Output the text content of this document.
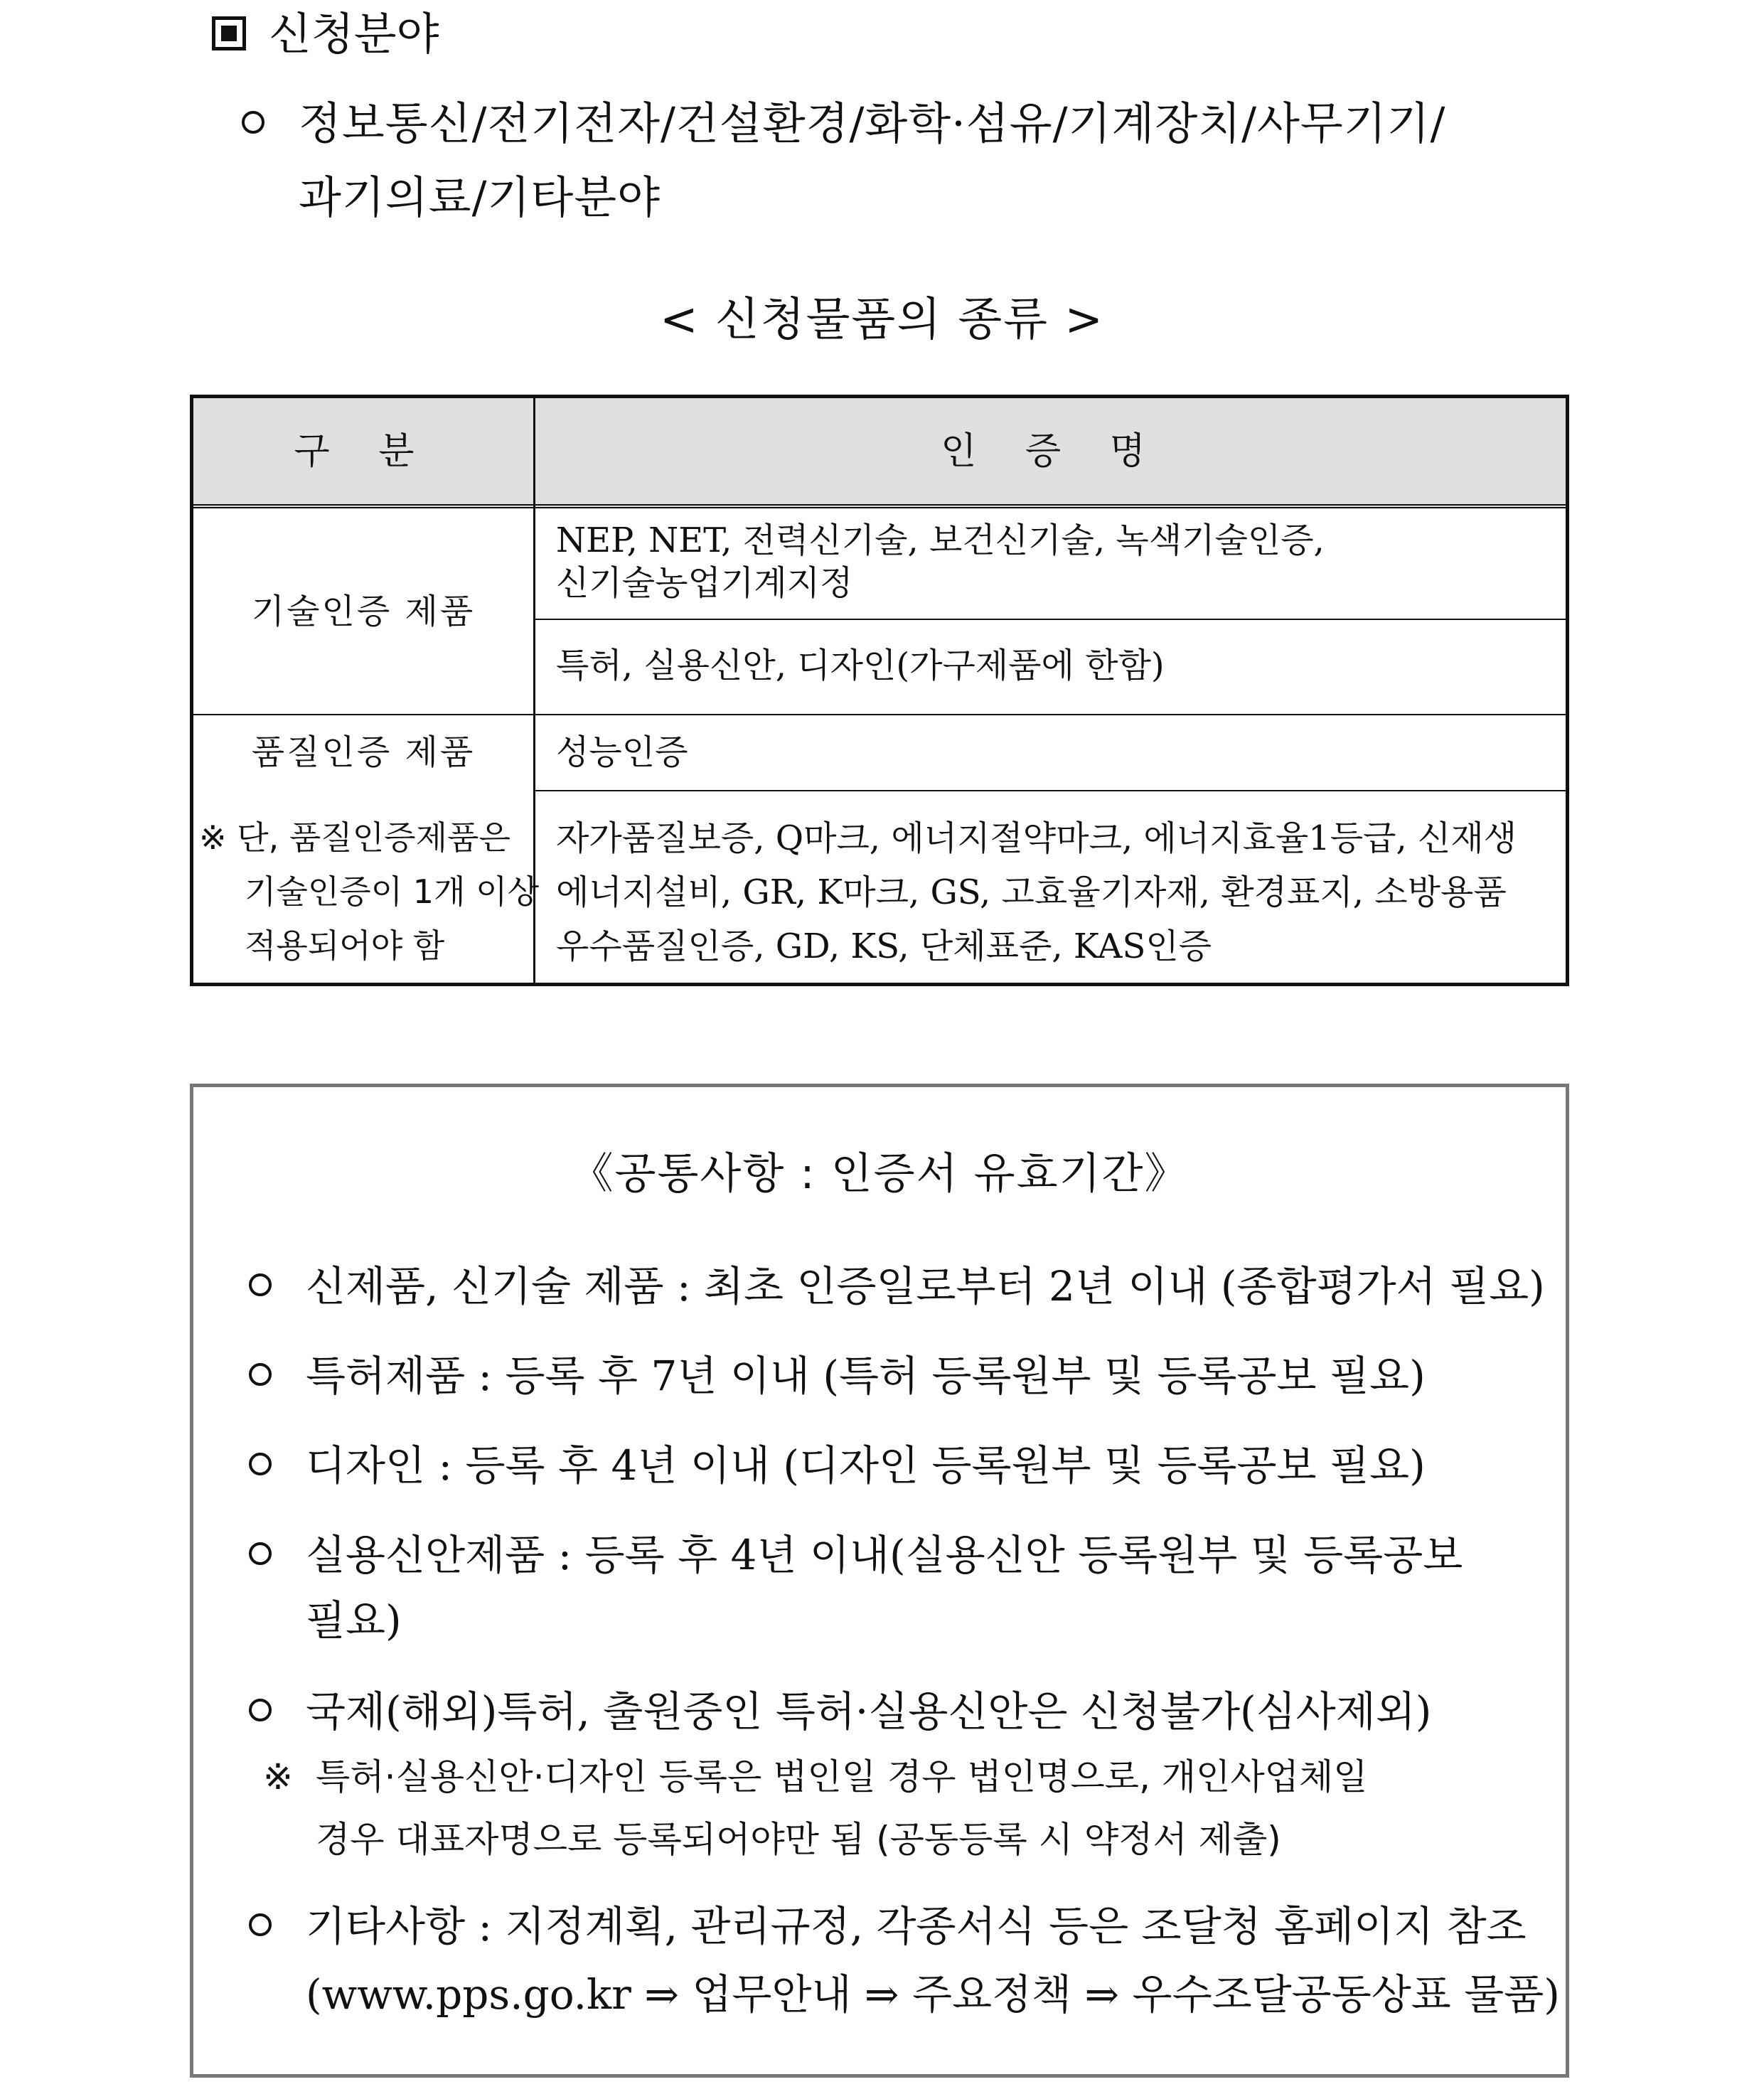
신청분야
정보통신/전기전자/건설환경/화학·섬유/기계장치/사무기기/
과기의료/기타분야
< 신청물품의 종류 >
구 분	인 증 명
기술인증 제품
NEP, NET, 전력신기술, 보건신기술, 녹색기술인증,
신기술농업기계지정
특허, 실용신안, 디자인(가구제품에 한함)
품질인증 제품	성능인증
자가품질보증, Q마크, 에너지절약마크, 에너지효율1등급, 신재생
에너지설비, GR, K마크, GS, 고효율기자재, 환경표지, 소방용품
우수품질인증, GD, KS, 단체표준, KAS인증
※ 단, 품질인증제품은
기술인증이 1개 이상
적용되어야 함
《공통사항 : 인증서 유효기간》
신제품, 신기술 제품 : 최초 인증일로부터 2년 이내 (종합평가서 필요)
특허제품 : 등록 후 7년 이내 (특허 등록원부 및 등록공보 필요)
디자인 : 등록 후 4년 이내 (디자인 등록원부 및 등록공보 필요)
실용신안제품 : 등록 후 4년 이내(실용신안 등록원부 및 등록공보
필요)
국제(해외)특허, 출원중인 특허·실용신안은 신청불가(심사제외)
※ 특허·실용신안·디자인 등록은 법인일 경우 법인명으로, 개인사업체일
경우 대표자명으로 등록되어야만 됨 (공동등록 시 약정서 제출)
기타사항 : 지정계획, 관리규정, 각종서식 등은 조달청 홈페이지 참조
(www.pps.go.kr ⇒ 업무안내 ⇒ 주요정책 ⇒ 우수조달공동상표 물품)
